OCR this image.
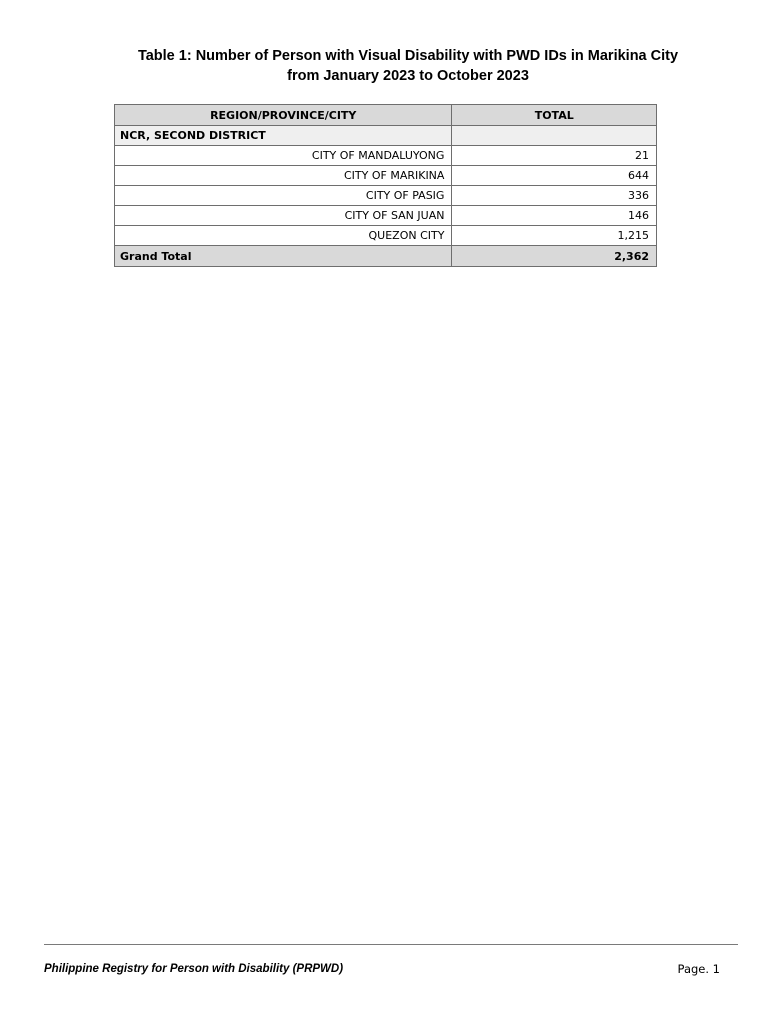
Table 1: Number of Person with Visual Disability with PWD IDs in Marikina City
from January 2023 to October 2023
REGION/PROVINCE/CITY	TOTAL
NCR, SECOND DISTRICT	
CITY OF MANDALUYONG	21
CITY OF MARIKINA	644
CITY OF PASIG	336
CITY OF SAN JUAN	146
QUEZON CITY	1,215
Grand Total	2,362
Philippine Registry for Person with Disability (PRPWD)	Page. 1
